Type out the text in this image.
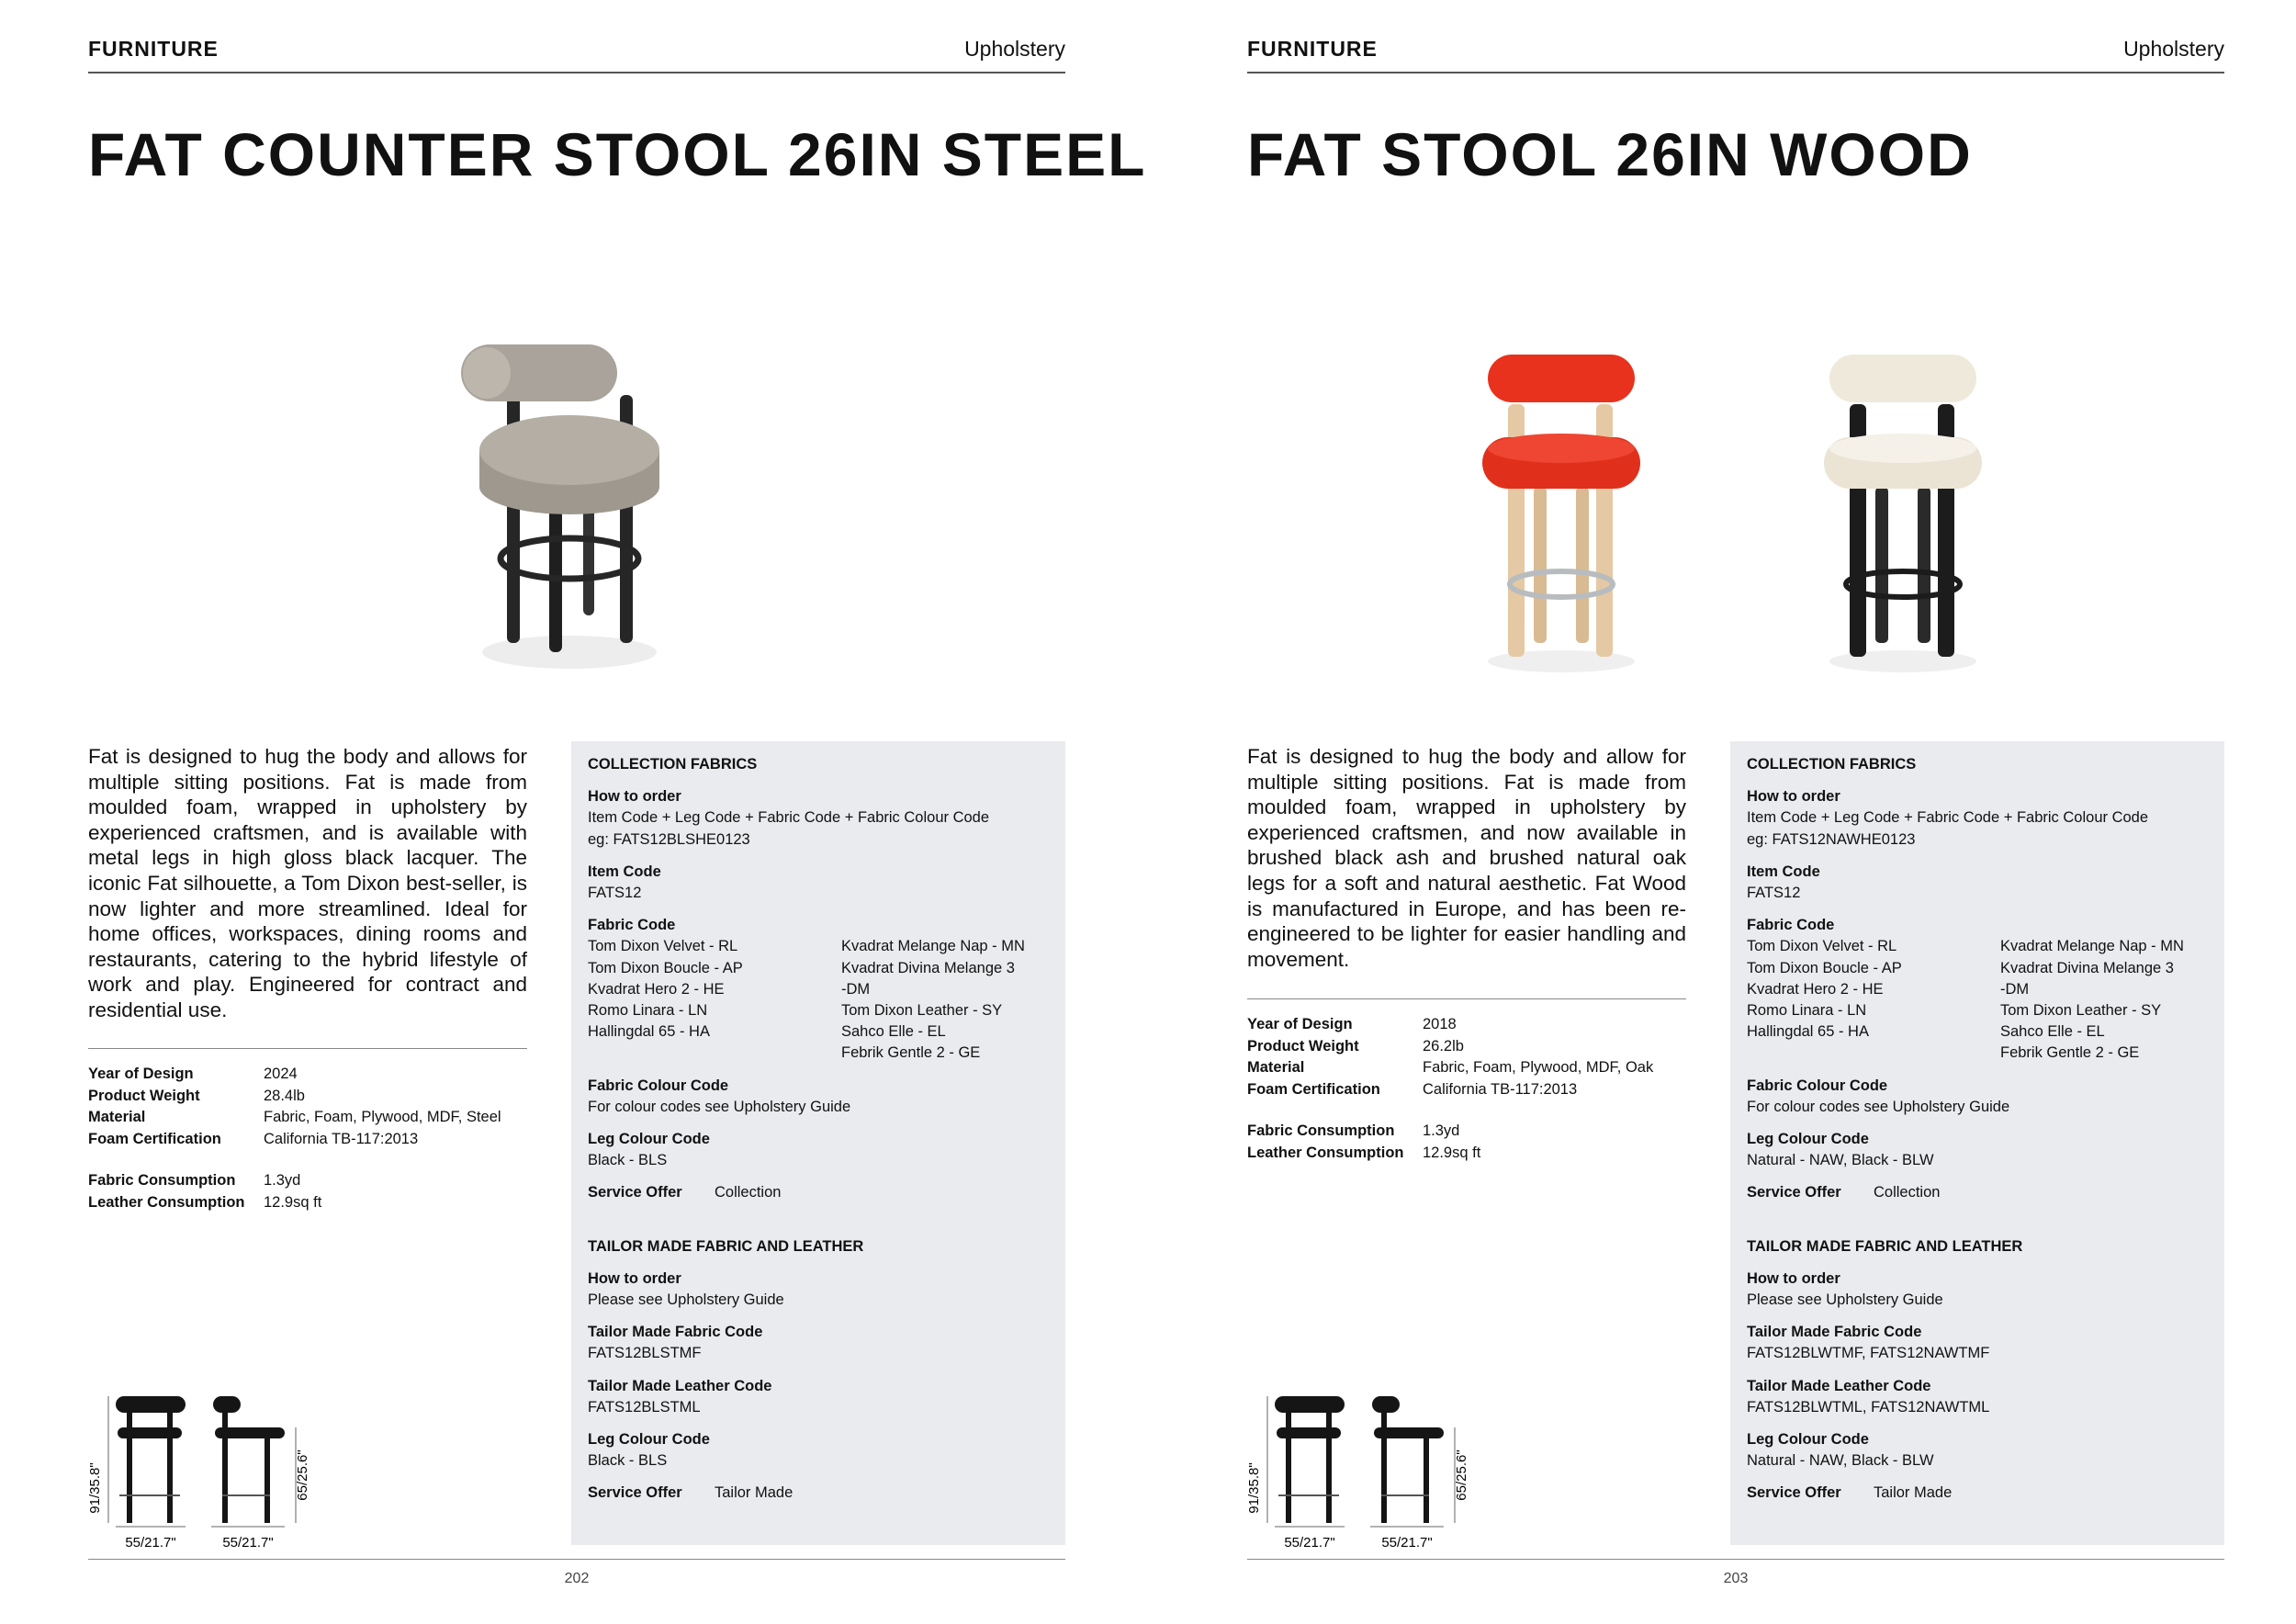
FURNITURE	Upholstery
FAT COUNTER STOOL 26IN STEEL
Fat is designed to hug the body and allows for multiple sitting positions. Fat is made from moulded foam, wrapped in upholstery by experienced craftsmen, and is available with metal legs in high gloss black lacquer. The iconic Fat silhouette, a Tom Dixon best-seller, is now lighter and more streamlined. Ideal for home offices, workspaces, dining rooms and restaurants, catering to the hybrid lifestyle of work and play. Engineered for contract and residential use.
Year of Design	2024
Product Weight	28.4lb
Material	Fabric, Foam, Plywood, MDF, Steel
Foam Certification	California TB-117:2013
Fabric Consumption	1.3yd
Leather Consumption	12.9sq ft
COLLECTION FABRICS
How to order
Item Code + Leg Code + Fabric Code + Fabric Colour Code
eg: FATS12BLSHE0123
Item Code
FATS12
Fabric Code
Tom Dixon Velvet - RL
Tom Dixon Boucle - AP
Kvadrat Hero 2 - HE
Romo Linara - LN
Hallingdal 65 - HA
Kvadrat Melange Nap - MN
Kvadrat Divina Melange 3
-DM
Tom Dixon Leather - SY
Sahco Elle - EL
Febrik Gentle 2 - GE
Fabric Colour Code
For colour codes see Upholstery Guide
Leg Colour Code
Black - BLS
Service Offer	Collection
TAILOR MADE FABRIC AND LEATHER
How to order
Please see Upholstery Guide
Tailor Made Fabric Code
FATS12BLSTMF
Tailor Made Leather Code
FATS12BLSTML
Leg Colour Code
Black - BLS
Service Offer	Tailor Made
91/35.8"	65/25.6"
55/21.7"	55/21.7"
202
FURNITURE	Upholstery
FAT STOOL 26IN WOOD
Fat is designed to hug the body and allow for multiple sitting positions. Fat is made from moulded foam, wrapped in upholstery by experienced craftsmen, and now available in brushed black ash and brushed natural oak legs for a soft and natural aesthetic. Fat Wood is manufactured in Europe, and has been re-engineered to be lighter for easier handling and movement.
Year of Design	2018
Product Weight	26.2lb
Material	Fabric, Foam, Plywood, MDF, Oak
Foam Certification	California TB-117:2013
Fabric Consumption	1.3yd
Leather Consumption	12.9sq ft
COLLECTION FABRICS
How to order
Item Code + Leg Code + Fabric Code + Fabric Colour Code
eg: FATS12NAWHE0123
Item Code
FATS12
Fabric Code
Tom Dixon Velvet - RL
Tom Dixon Boucle - AP
Kvadrat Hero 2 - HE
Romo Linara - LN
Hallingdal 65 - HA
Kvadrat Melange Nap - MN
Kvadrat Divina Melange 3
-DM
Tom Dixon Leather - SY
Sahco Elle - EL
Febrik Gentle 2 - GE
Fabric Colour Code
For colour codes see Upholstery Guide
Leg Colour Code
Natural - NAW, Black - BLW
Service Offer	Collection
TAILOR MADE FABRIC AND LEATHER
How to order
Please see Upholstery Guide
Tailor Made Fabric Code
FATS12BLWTMF, FATS12NAWTMF
Tailor Made Leather Code
FATS12BLWTML, FATS12NAWTML
Leg Colour Code
Natural - NAW, Black - BLW
Service Offer	Tailor Made
91/35.8"	65/25.6"
55/21.7"	55/21.7"
203
